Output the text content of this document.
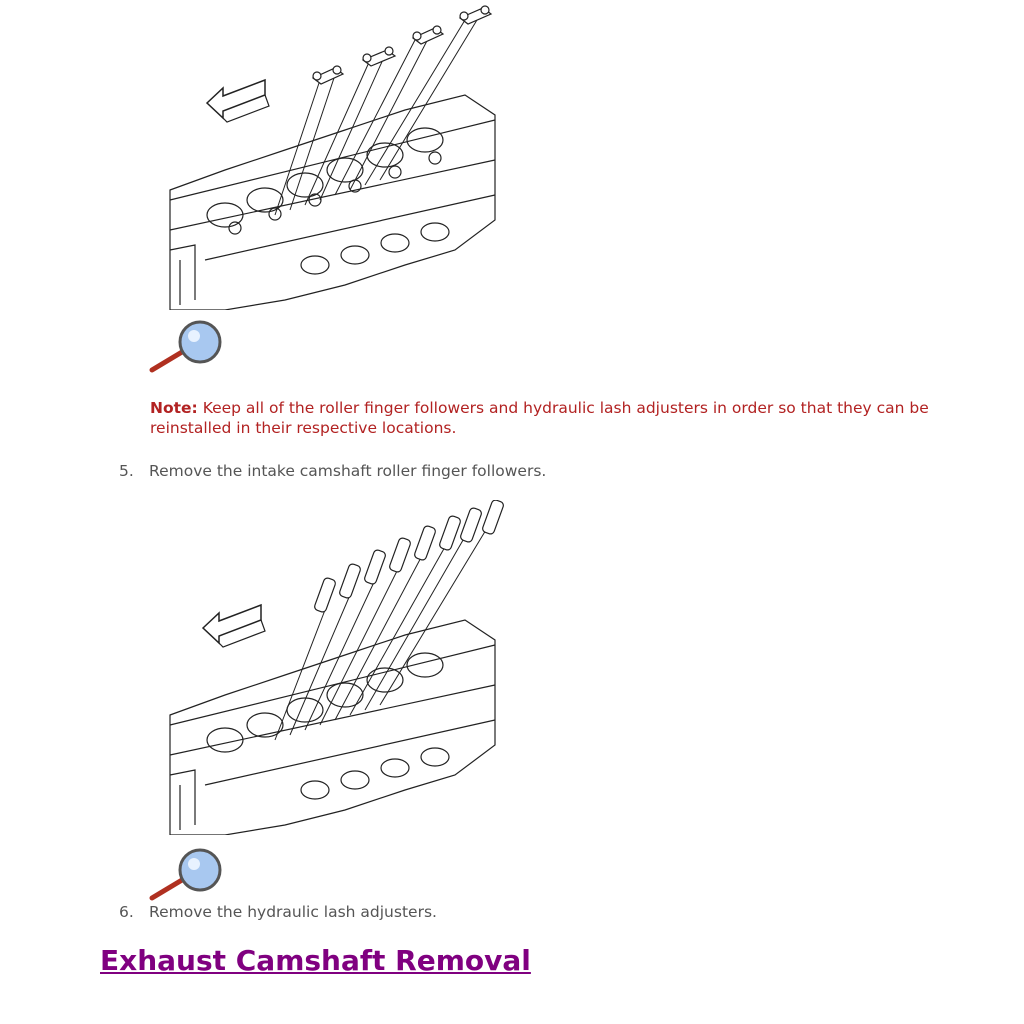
Note: Keep all of the roller finger followers and hydraulic lash adjusters in order so that they can be reinstalled in their respective locations.
5. Remove the intake camshaft roller finger followers.
6. Remove the hydraulic lash adjusters.
Exhaust Camshaft Removal
